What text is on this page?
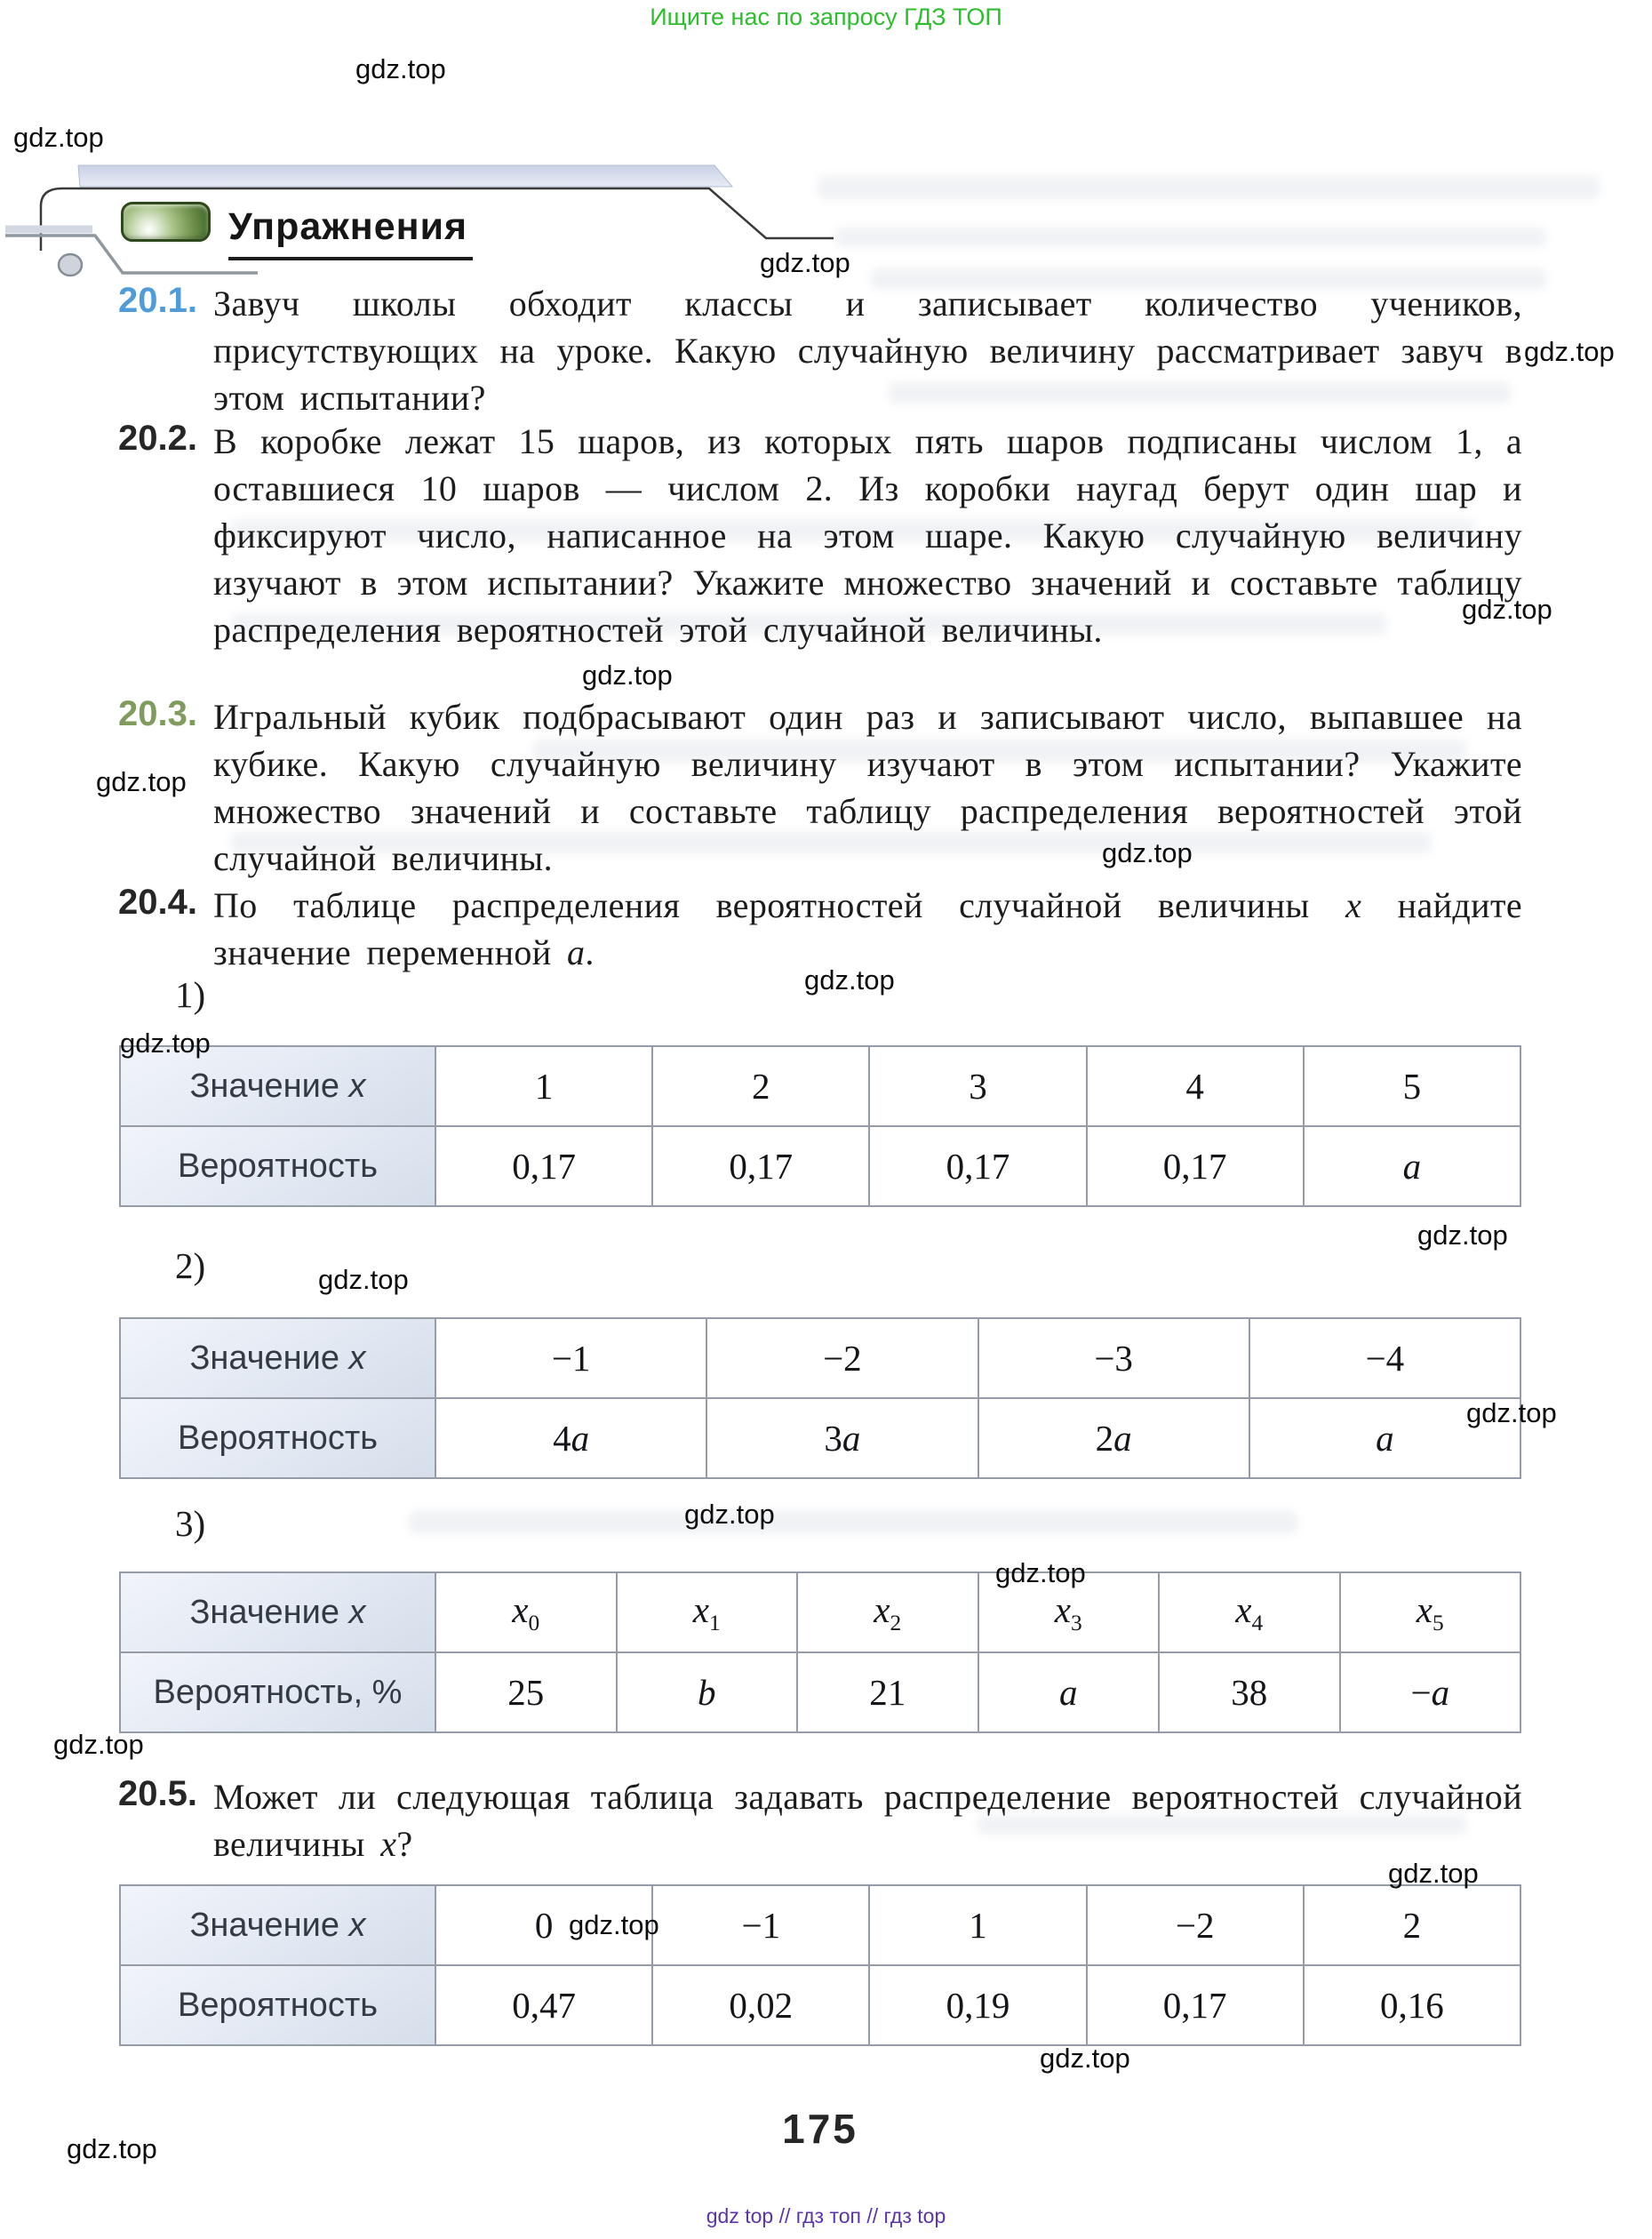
Ищите нас по запросу ГДЗ ТОП
Упражнения
20.1. Завуч школы обходит классы и записывает количество учеников, присутствующих на уроке. Какую случайную величину рассматривает завуч в этом испытании?
20.2. В коробке лежат 15 шаров, из которых пять шаров подписаны числом 1, а оставшиеся 10 шаров — числом 2. Из коробки наугад берут один шар и фиксируют число, написанное на этом шаре. Какую случайную величину изучают в этом испытании? Укажите множество значений и составьте таблицу распределения вероятностей этой случайной величины.
20.3. Игральный кубик подбрасывают один раз и записывают число, выпавшее на кубике. Какую случайную величину изучают в этом испытании? Укажите множество значений и составьте таблицу распределения вероятностей этой случайной величины.
20.4. По таблице распределения вероятностей случайной величины x найдите значение переменной a.
1)
Значение x	1	2	3	4	5
Вероятность	0,17	0,17	0,17	0,17	a
2)
Значение x	−1	−2	−3	−4
Вероятность	4a	3a	2a	a
3)
Значение x	$x_0$	$x_1$	$x_2$	$x_3$	$x_4$	$x_5$
Вероятность, %	25	b	21	a	38	−a
20.5. Может ли следующая таблица задавать распределение вероятностей случайной величины x?
Значение x	0	−1	1	−2	2
Вероятность	0,47	0,02	0,19	0,17	0,16
175
gdz top // гдз топ // гдз top
gdz.top
gdz.top
gdz.top
gdz.top
gdz.top
gdz.top
gdz.top
gdz.top
gdz.top
gdz.top
gdz.top
gdz.top
gdz.top
gdz.top
gdz.top
gdz.top
gdz.top
gdz.top
gdz.top
gdz.top
